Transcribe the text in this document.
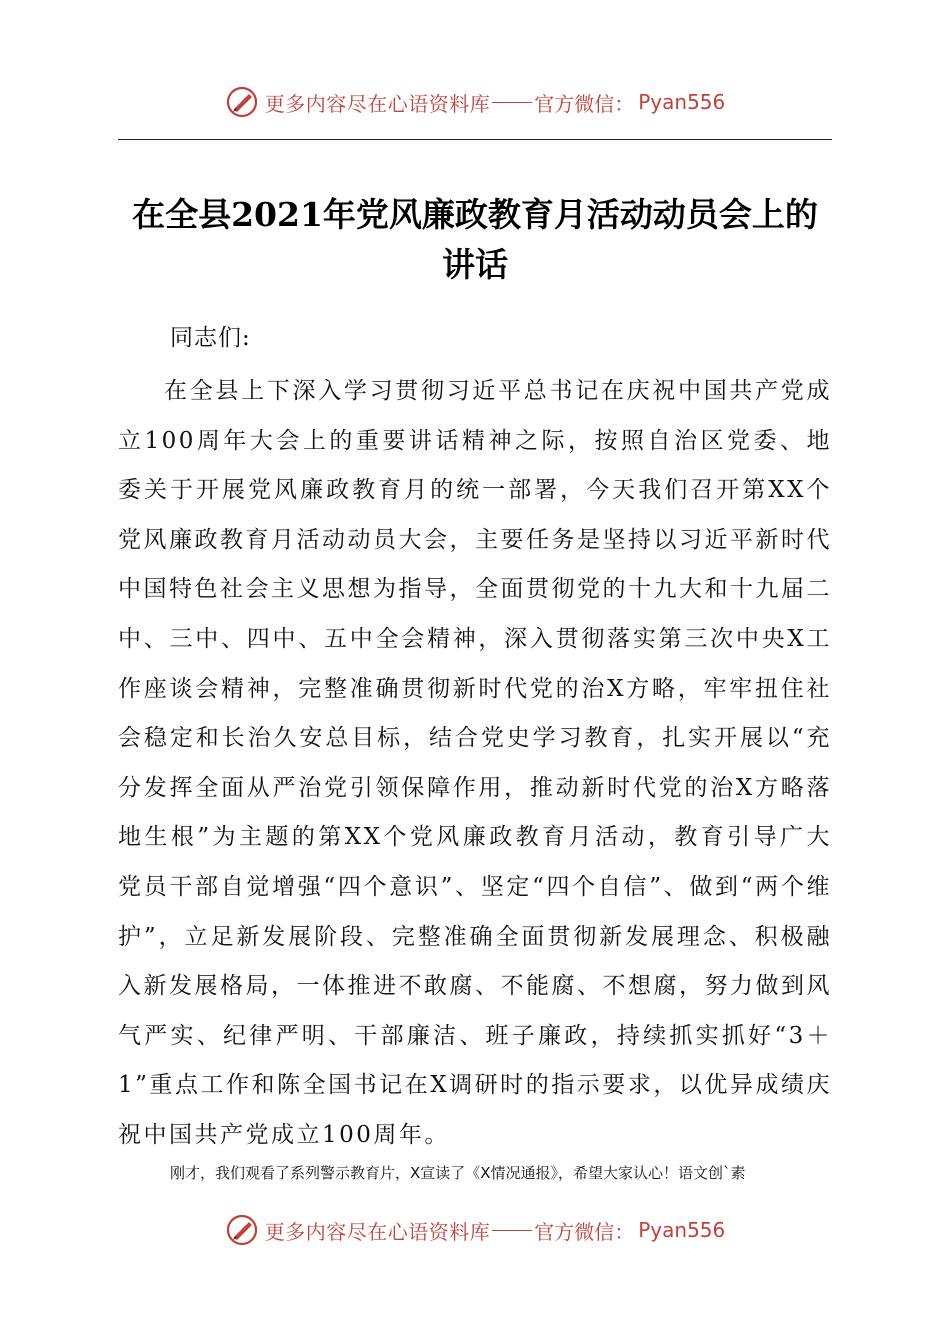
更多内容尽在心语资料库 官方微信： Pyan556
在全县2021年党风廉政教育月活动动员会上的讲话
同志们:

在全县上下深入学习贯彻习近平总书记在庆祝中国共产党成立100周年大会上的重要讲话精神之际，按照自治区党委、地委关于开展党风廉政教育月的统一部署，今天我们召开第XX个党风廉政教育月活动动员大会，主要任务是坚持以习近平新时代中国特色社会主义思想为指导，全面贯彻党的十九大和十九届二中、三中、四中、五中全会精神，深入贯彻落实第三次中央X工作座谈会精神，完整准确贯彻新时代党的治X方略，牢牢扭住社会稳定和长治久安总目标，结合党史学习教育，扎实开展以“充分发挥全面从严治党引领保障作用，推动新时代党的治X方略落地生根”为主题的第XX个党风廉政教育月活动，教育引导广大党员干部自觉增强“四个意识”、坚定“四个自信”、做到“两个维护”，立足新发展阶段、完整准确全面贯彻新发展理念、积极融入新发展格局，一体推进不敢腐、不能腐、不想腐，努力做到风气严实、纪律严明、干部廉洁、班子廉政，持续抓实抓好“3＋1”重点工作和陈全国书记在X调研时的指示要求，以优异成绩庆祝中国共产党成立100周年。

刚才，我们观看了系列警示教育片，X宣读了《X情况通报》，希望大家认心！语文创`素
更多内容尽在心语资料库 官方微信： Pyan556
